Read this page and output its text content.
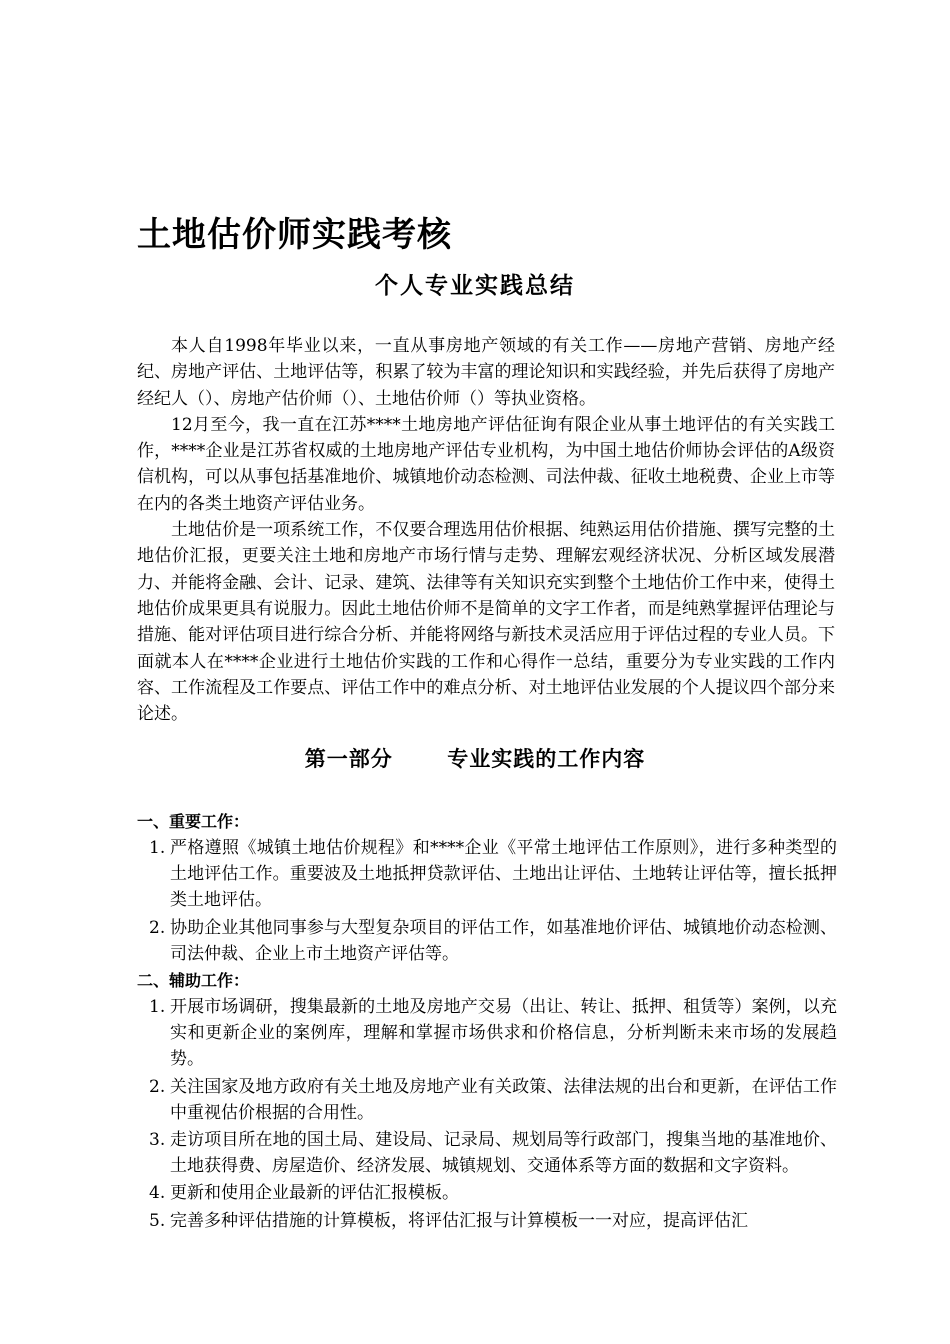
土地估价师实践考核
个人专业实践总结

本人自1998年毕业以来，一直从事房地产领域的有关工作——房地产营销、房地产经纪、房地产评估、土地评估等，积累了较为丰富的理论知识和实践经验，并先后获得了房地产经纪人（）、房地产估价师（）、土地估价师（）等执业资格。

12月至今，我一直在江苏****土地房地产评估征询有限企业从事土地评估的有关实践工作，****企业是江苏省权威的土地房地产评估专业机构，为中国土地估价师协会评估的A级资信机构，可以从事包括基准地价、城镇地价动态检测、司法仲裁、征收土地税费、企业上市等在内的各类土地资产评估业务。

土地估价是一项系统工作，不仅要合理选用估价根据、纯熟运用估价措施、撰写完整的土地估价汇报，更要关注土地和房地产市场行情与走势、理解宏观经济状况、分析区域发展潜力、并能将金融、会计、记录、建筑、法律等有关知识充实到整个土地估价工作中来，使得土地估价成果更具有说服力。因此土地估价师不是简单的文字工作者，而是纯熟掌握评估理论与措施、能对评估项目进行综合分析、并能将网络与新技术灵活应用于评估过程的专业人员。下面就本人在****企业进行土地估价实践的工作和心得作一总结，重要分为专业实践的工作内容、工作流程及工作要点、评估工作中的难点分析、对土地评估业发展的个人提议四个部分来论述。

第一部分    专业实践的工作内容
一、重要工作：
1. 严格遵照《城镇土地估价规程》和****企业《平常土地评估工作原则》，进行多种类型的土地评估工作。重要波及土地抵押贷款评估、土地出让评估、土地转让评估等，擅长抵押类土地评估。
2. 协助企业其他同事参与大型复杂项目的评估工作，如基准地价评估、城镇地价动态检测、司法仲裁、企业上市土地资产评估等。
二、辅助工作：
1. 开展市场调研，搜集最新的土地及房地产交易（出让、转让、抵押、租赁等）案例，以充实和更新企业的案例库，理解和掌握市场供求和价格信息，分析判断未来市场的发展趋势。
2. 关注国家及地方政府有关土地及房地产业有关政策、法律法规的出台和更新，在评估工作中重视估价根据的合用性。
3. 走访项目所在地的国土局、建设局、记录局、规划局等行政部门，搜集当地的基准地价、土地获得费、房屋造价、经济发展、城镇规划、交通体系等方面的数据和文字资料。
4. 更新和使用企业最新的评估汇报模板。
5. 完善多种评估措施的计算模板，将评估汇报与计算模板一一对应，提高评估汇
